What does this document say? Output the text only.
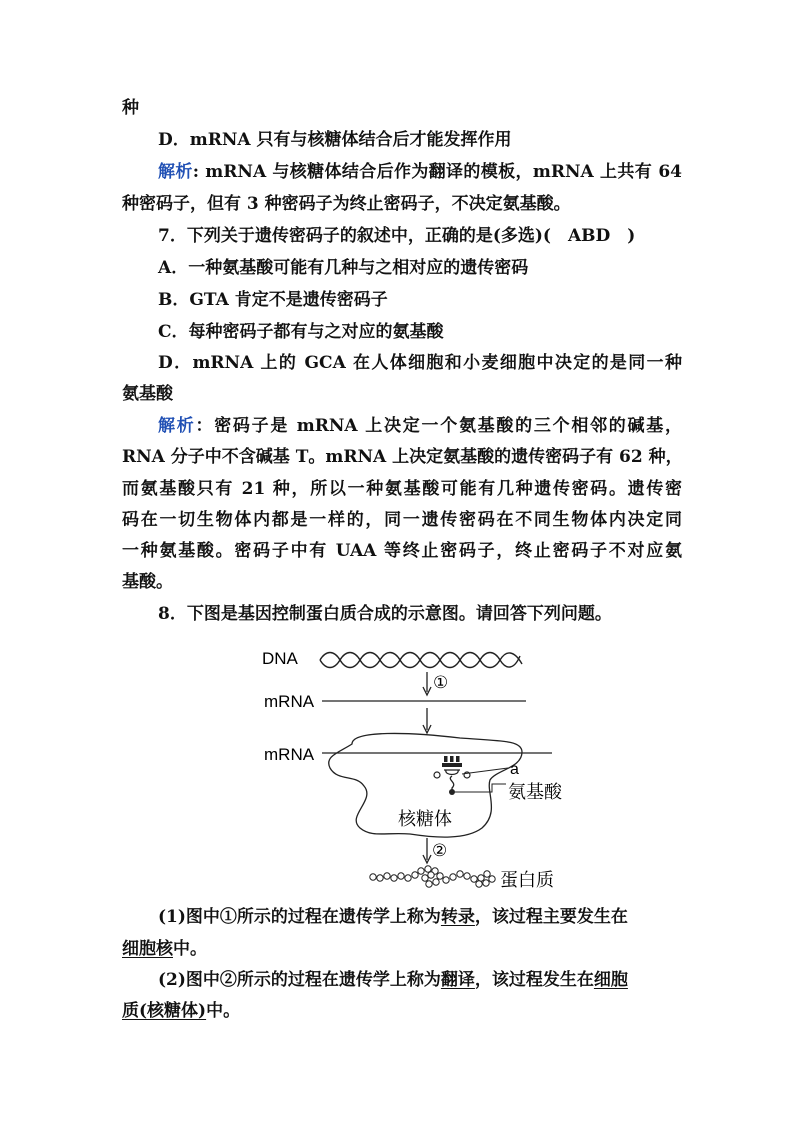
种
D．mRNA 只有与核糖体结合后才能发挥作用
解析: mRNA 与核糖体结合后作为翻译的模板，mRNA 上共有 64
种密码子，但有 3 种密码子为终止密码子，不决定氨基酸。
7．下列关于遗传密码子的叙述中，正确的是(多选)(　ABD　)
A．一种氨基酸可能有几种与之相对应的遗传密码
B．GTA 肯定不是遗传密码子
C．每种密码子都有与之对应的氨基酸
D．mRNA 上的 GCA 在人体细胞和小麦细胞中决定的是同一种
氨基酸
解析：密码子是 mRNA 上决定一个氨基酸的三个相邻的碱基，
RNA 分子中不含碱基 T。mRNA 上决定氨基酸的遗传密码子有 62 种，
而氨基酸只有 21 种，所以一种氨基酸可能有几种遗传密码。遗传密
码在一切生物体内都是一样的，同一遗传密码在不同生物体内决定同
一种氨基酸。密码子中有 UAA 等终止密码子，终止密码子不对应氨
基酸。
8．下图是基因控制蛋白质合成的示意图。请回答下列问题。
DNA
①
mRNA
mRNA
a
氨基酸
核糖体
②
蛋白质
(1)图中①所示的过程在遗传学上称为转录，该过程主要发生在
细胞核中。
(2)图中②所示的过程在遗传学上称为翻译，该过程发生在细胞
质(核糖体)中。
